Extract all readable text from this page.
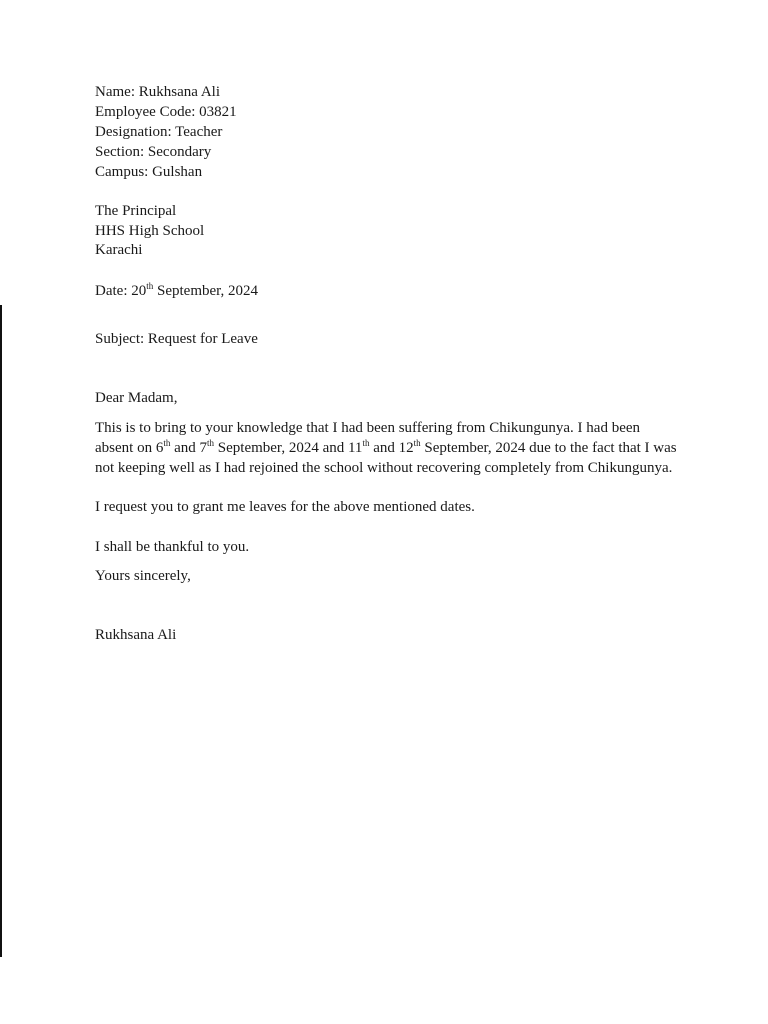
Name: Rukhsana Ali
Employee Code: 03821
Designation: Teacher
Section: Secondary
Campus: Gulshan
The Principal
HHS High School
Karachi
Date: 20th September, 2024
Subject: Request for Leave
Dear Madam,
This is to bring to your knowledge that I had been suffering from Chikungunya. I had been
absent on 6th and 7th September, 2024 and 11th and 12th September, 2024 due to the fact that I was
not keeping well as I had rejoined the school without recovering completely from Chikungunya.
I request you to grant me leaves for the above mentioned dates.
I shall be thankful to you.
Yours sincerely,
Rukhsana Ali
